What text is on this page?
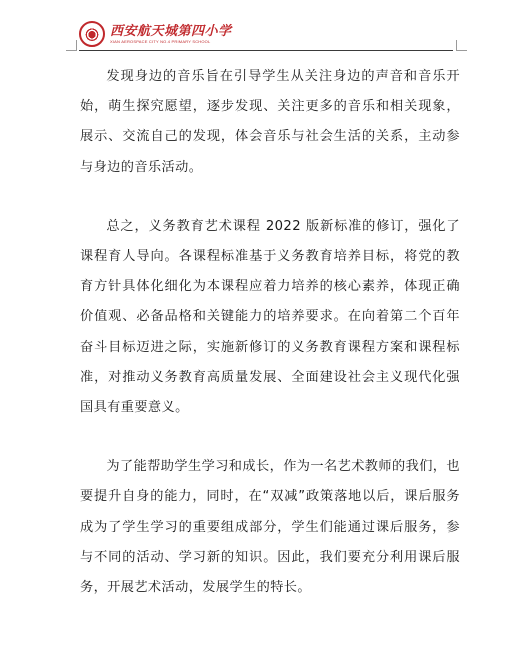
西安航天城第四小学
XIAN AEROSPACE CITY NO.4 PRIMARY SCHOOL

发现身边的音乐旨在引导学生从关注身边的声音和音乐开始，萌生探究愿望，逐步发现、关注更多的音乐和相关现象，展示、交流自己的发现，体会音乐与社会生活的关系，主动参与身边的音乐活动。

总之，义务教育艺术课程 2022 版新标准的修订，强化了课程育人导向。各课程标准基于义务教育培养目标，将党的教育方针具体化细化为本课程应着力培养的核心素养，体现正确价值观、必备品格和关键能力的培养要求。在向着第二个百年奋斗目标迈进之际，实施新修订的义务教育课程方案和课程标准，对推动义务教育高质量发展、全面建设社会主义现代化强国具有重要意义。

为了能帮助学生学习和成长，作为一名艺术教师的我们，也要提升自身的能力，同时，在“双减”政策落地以后，课后服务成为了学生学习的重要组成部分，学生们能通过课后服务，参与不同的活动、学习新的知识。因此，我们要充分利用课后服务，开展艺术活动，发展学生的特长。
